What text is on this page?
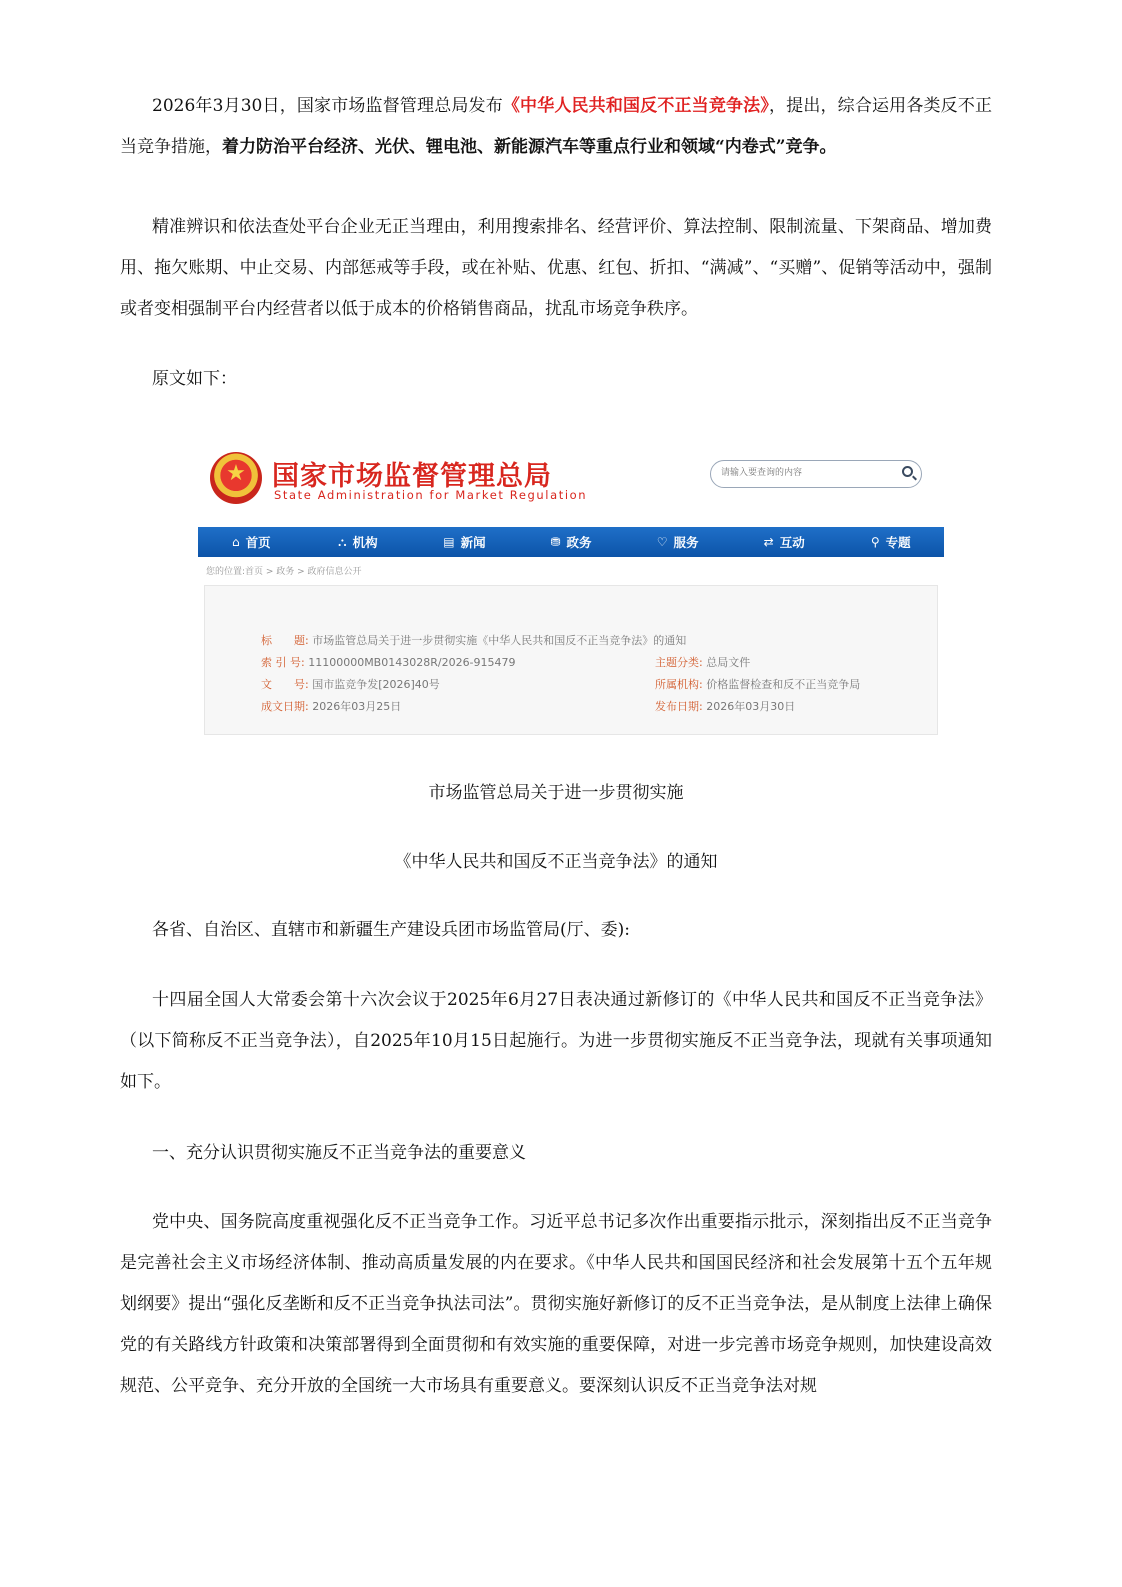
2026年3月30日，国家市场监督管理总局发布《中华人民共和国反不正当竞争法》，提出，综合运用各类反不正当竞争措施，着力防治平台经济、光伏、锂电池、新能源汽车等重点行业和领域“内卷式”竞争。

精准辨识和依法查处平台企业无正当理由，利用搜索排名、经营评价、算法控制、限制流量、下架商品、增加费用、拖欠账期、中止交易、内部惩戒等手段，或在补贴、优惠、红包、折扣、“满减”、“买赠”、促销等活动中，强制或者变相强制平台内经营者以低于成本的价格销售商品，扰乱市场竞争秩序。

原文如下：

★
国家市场监督管理总局
State Administration for Market Regulation
请输入要查询的内容
⌂ 首页	⛬ 机构	▤ 新闻	⛃ 政务	♡ 服务	⇄ 互动	⚲ 专题
您的位置:首页 > 政务 > 政府信息公开
标　　题: 市场监管总局关于进一步贯彻实施《中华人民共和国反不正当竞争法》的通知
索 引 号: 11100000MB0143028R/2026-915479	主题分类: 总局文件
文　　号: 国市监竞争发[2026]40号	所属机构: 价格监督检查和反不正当竞争局
成文日期: 2026年03月25日	发布日期: 2026年03月30日

市场监管总局关于进一步贯彻实施

《中华人民共和国反不正当竞争法》的通知

各省、自治区、直辖市和新疆生产建设兵团市场监管局(厅、委):

十四届全国人大常委会第十六次会议于2025年6月27日表决通过新修订的《中华人民共和国反不正当竞争法》（以下简称反不正当竞争法），自2025年10月15日起施行。为进一步贯彻实施反不正当竞争法，现就有关事项通知如下。

一、充分认识贯彻实施反不正当竞争法的重要意义

党中央、国务院高度重视强化反不正当竞争工作。习近平总书记多次作出重要指示批示，深刻指出反不正当竞争是完善社会主义市场经济体制、推动高质量发展的内在要求。《中华人民共和国国民经济和社会发展第十五个五年规划纲要》提出“强化反垄断和反不正当竞争执法司法”。贯彻实施好新修订的反不正当竞争法，是从制度上法律上确保党的有关路线方针政策和决策部署得到全面贯彻和有效实施的重要保障，对进一步完善市场竞争规则，加快建设高效规范、公平竞争、充分开放的全国统一大市场具有重要意义。要深刻认识反不正当竞争法对规
